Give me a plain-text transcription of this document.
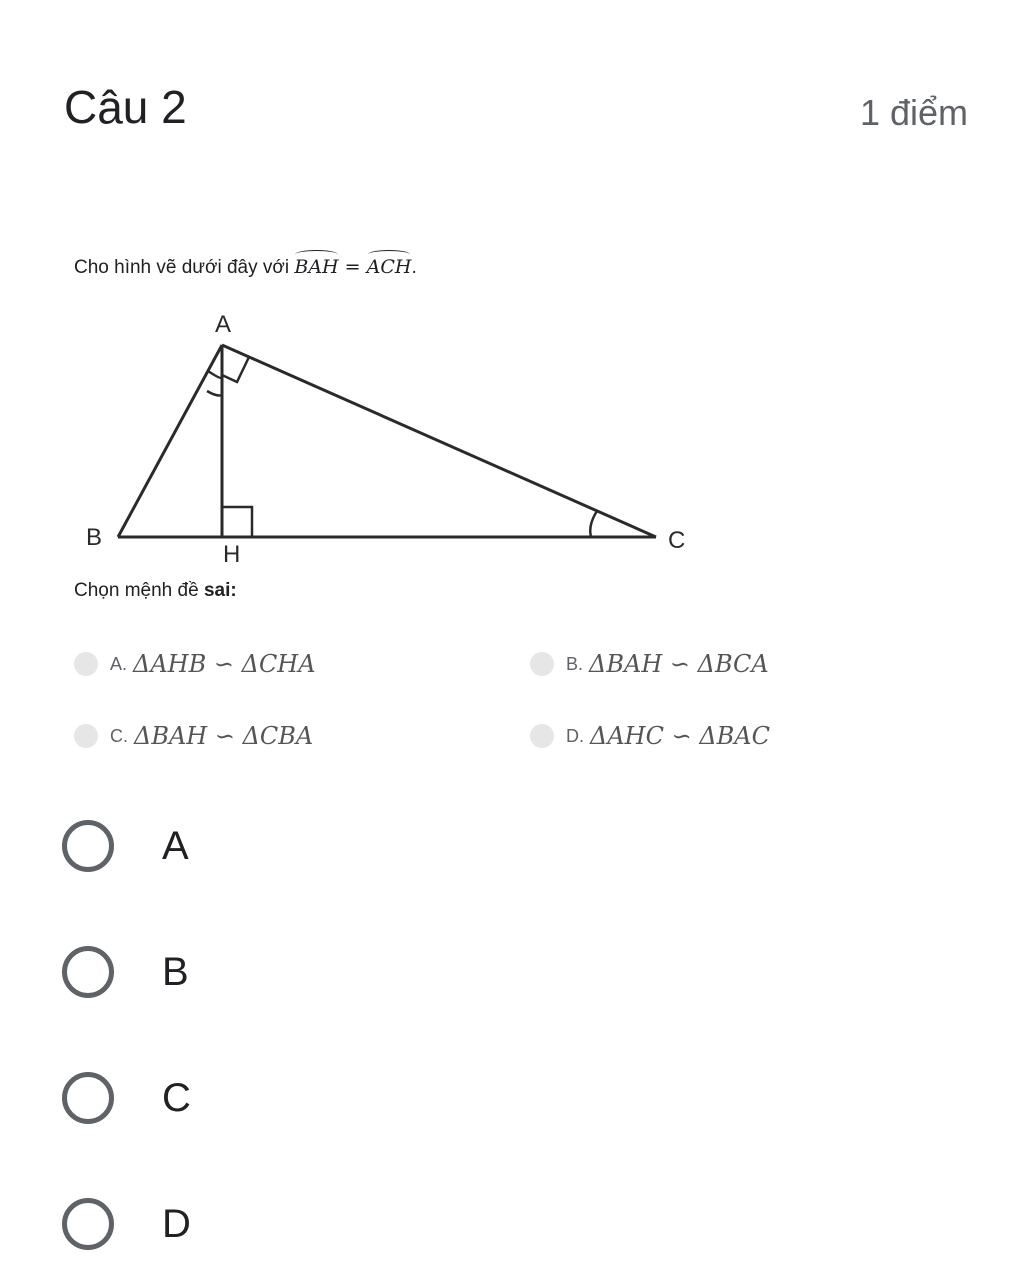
Câu 2	1 điểm
Cho hình vẽ dưới đây với BAH = ACH.
A
B	C
H
Chọn mệnh đề sai:
A. ΔAHB ∽ ΔCHA	B. ΔBAH ∽ ΔBCA
C. ΔBAH ∽ ΔCBA	D. ΔAHC ∽ ΔBAC
A
B
C
D
